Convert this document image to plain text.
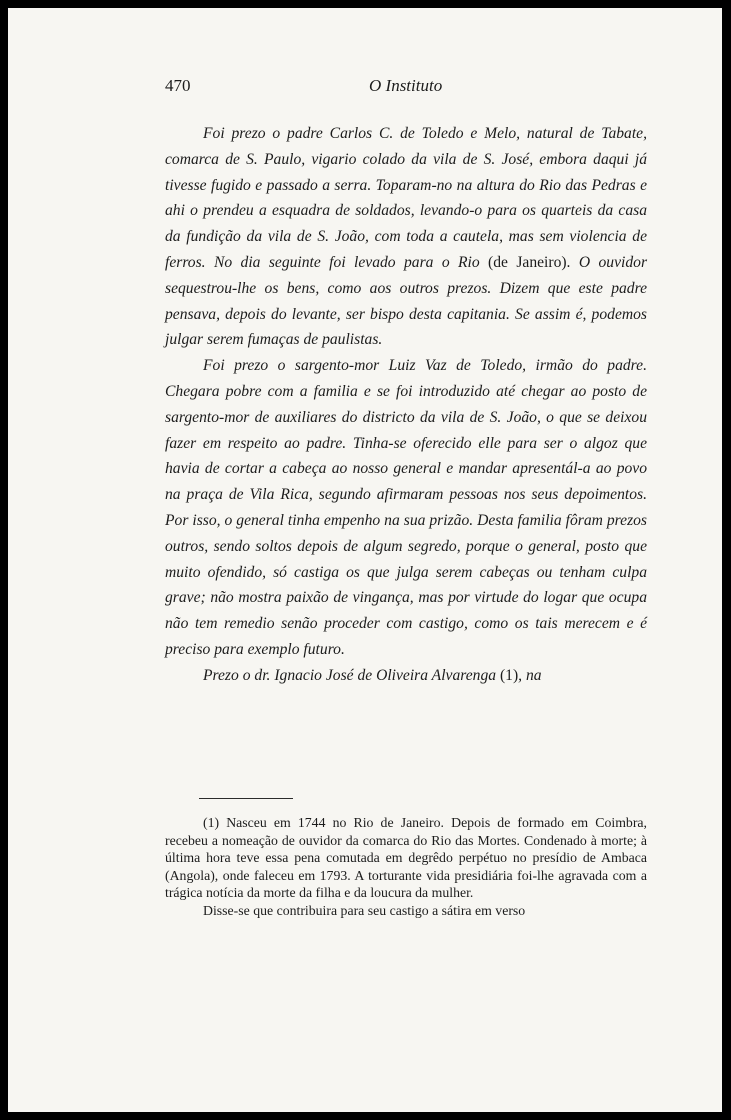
470	O Instituto

Foi prezo o padre Carlos C. de Toledo e Melo, natural de Tabate, comarca de S. Paulo, vigario colado da vila de S. José, embora daqui já tivesse fugido e passado a serra. Toparam-no na altura do Rio das Pedras e ahi o prendeu a esquadra de soldados, levando-o para os quarteis da casa da fundição da vila de S. João, com toda a cautela, mas sem violencia de ferros. No dia seguinte foi levado para o Rio (de Janeiro). O ouvidor sequestrou-lhe os bens, como aos outros prezos. Dizem que este padre pensava, depois do levante, ser bispo desta capitania. Se assim é, podemos julgar serem fumaças de paulistas.

Foi prezo o sargento-mor Luiz Vaz de Toledo, irmão do padre. Chegara pobre com a familia e se foi introduzido até chegar ao posto de sargento-mor de auxiliares do districto da vila de S. João, o que se deixou fazer em respeito ao padre. Tinha-se oferecido elle para ser o algoz que havia de cortar a cabeça ao nosso general e mandar apresentál-a ao povo na praça de Vila Rica, segundo afirmaram pessoas nos seus depoimentos. Por isso, o general tinha empenho na sua prizão. Desta familia fôram prezos outros, sendo soltos depois de algum segredo, porque o general, posto que muito ofendido, só castiga os que julga serem cabeças ou tenham culpa grave; não mostra paixão de vingança, mas por virtude do logar que ocupa não tem remedio senão proceder com castigo, como os tais merecem e é preciso para exemplo futuro.

Prezo o dr. Ignacio José de Oliveira Alvarenga (1), na

(1) Nasceu em 1744 no Rio de Janeiro. Depois de formado em Coimbra, recebeu a nomeação de ouvidor da comarca do Rio das Mortes. Condenado à morte; à última hora teve essa pena comutada em degrêdo perpétuo no presídio de Ambaca (Angola), onde faleceu em 1793. A torturante vida presidiária foi-lhe agravada com a trágica notícia da morte da filha e da loucura da mulher.

Disse-se que contribuira para seu castigo a sátira em verso
